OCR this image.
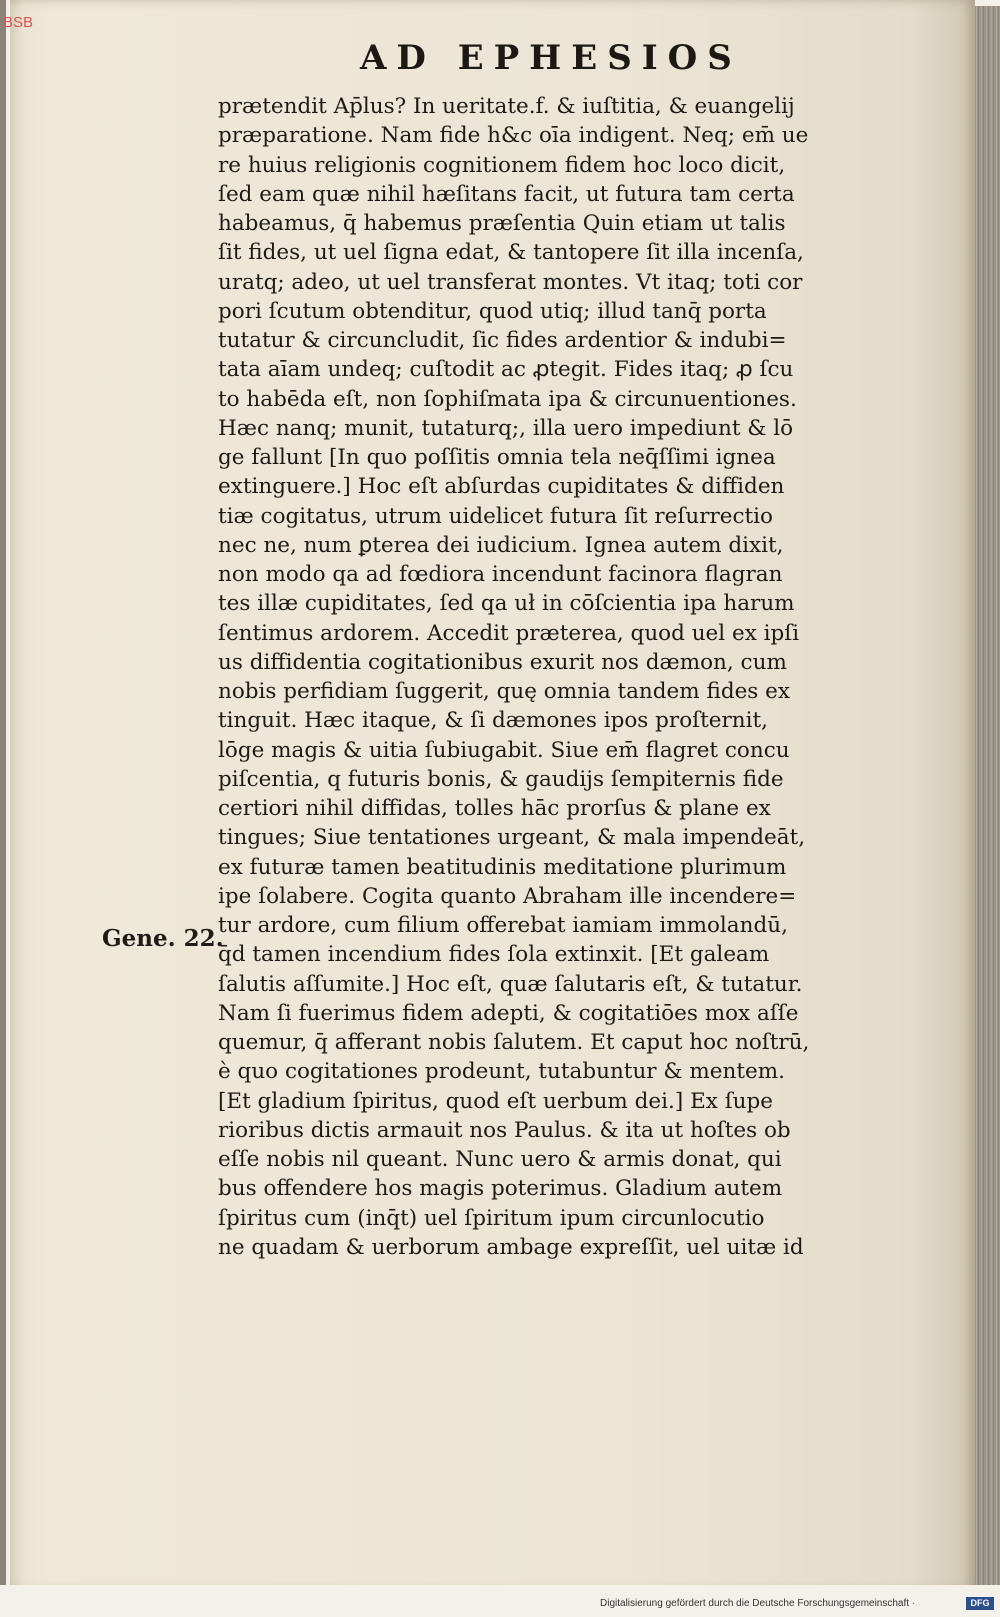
BSB
AD EPHESIOS
Gene. 22.
prætendit Ap̄lus? In ueritate.f. & iuſtitia, & euangelij
præparatione. Nam fide h&c oīa indigent. Neq; em̄ ue
re huius religionis cognitionem fidem hoc loco dicit,
ſed eam quæ nihil hæſitans facit, ut futura tam certa
habeamus, q̄ habemus præſentia Quin etiam ut talis
ſit fides, ut uel ſigna edat, & tantopere ſit illa incenſa,
uratq; adeo, ut uel transferat montes. Vt itaq; toti cor
pori ſcutum obtenditur, quod utiq; illud tanq̄ porta
tutatur & circuncludit, ſic fides ardentior & indubi=
tata aīam undeq; cuſtodit ac ꝓtegit. Fides itaq; ꝓ ſcu
to habēda eſt, non ſophiſmata ipa & circunuentiones.
Hæc nanq; munit, tutaturq;, illa uero impediunt & lō
ge fallunt [In quo poſſitis omnia tela neq̄ſſimi ignea
extinguere.] Hoc eſt abſurdas cupiditates & diffiden
tiæ cogitatus, utrum uidelicet futura ſit reſurrectio
nec ne, num ꝑterea dei iudicium. Ignea autem dixit,
non modo qa ad fœdiora incendunt facinora flagran
tes illæ cupiditates, ſed qa uł in cōſcientia ipa harum
ſentimus ardorem. Accedit præterea, quod uel ex ipſi
us diffidentia cogitationibus exurit nos dæmon, cum
nobis perfidiam ſuggerit, quę omnia tandem fides ex
tinguit. Hæc itaque, & ſi dæmones ipos proſternit,
lōge magis & uitia ſubiugabit. Siue em̄ flagret concu
piſcentia, q futuris bonis, & gaudijs ſempiternis fide
certiori nihil diffidas, tolles hāc prorſus & plane ex
tingues; Siue tentationes urgeant, & mala impendeāt,
ex futuræ tamen beatitudinis meditatione plurimum
ipe ſolabere. Cogita quanto Abraham ille incendere=
tur ardore, cum filium offerebat iamiam immolandū,
q̄d tamen incendium fides ſola extinxit. [Et galeam
ſalutis aſſumite.] Hoc eſt, quæ ſalutaris eſt, & tutatur.
Nam ſi fuerimus fidem adepti, & cogitatiōes mox aſſe
quemur, q̄ afferant nobis ſalutem. Et caput hoc noſtrū,
è quo cogitationes prodeunt, tutabuntur & mentem.
[Et gladium ſpiritus, quod eſt uerbum dei.] Ex ſupe
rioribus dictis armauit nos Paulus. & ita ut hoſtes ob
eſſe nobis nil queant. Nunc uero & armis donat, qui
bus offendere hos magis poterimus. Gladium autem
ſpiritus cum (inq̄t) uel ſpiritum ipum circunlocutio
ne quadam & uerborum ambage expreſſit, uel uitæ id
Digitalisierung gefördert durch die Deutsche Forschungsgemeinschaft ·	DFG
